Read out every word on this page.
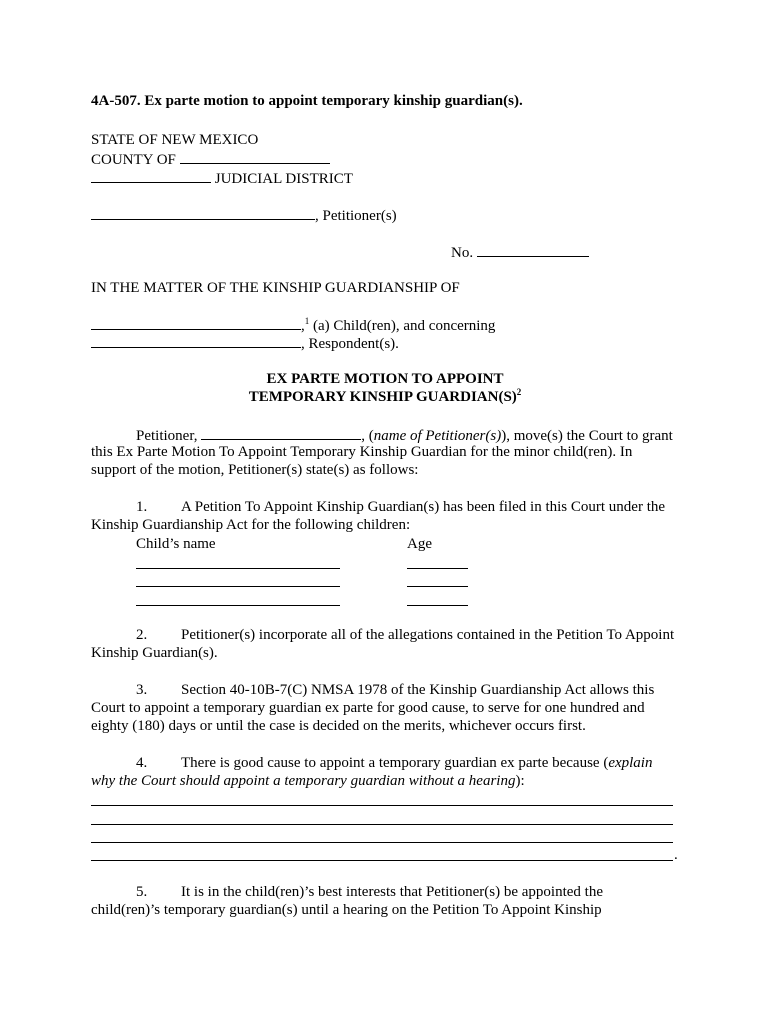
4A-507. Ex parte motion to appoint temporary kinship guardian(s).
STATE OF NEW MEXICO
COUNTY OF
JUDICIAL DISTRICT
, Petitioner(s)
No.
IN THE MATTER OF THE KINSHIP GUARDIANSHIP OF
,$^1$ (a) Child(ren), and concerning
, Respondent(s).
EX PARTE MOTION TO APPOINT
TEMPORARY KINSHIP $GUARDIAN(S)^2$
Petitioner,	, (name of Petitioner(s)), move(s) the Court to grant
this Ex Parte Motion To Appoint Temporary Kinship Guardian for the minor child(ren). In
support of the motion, Petitioner(s) state(s) as follows:
1. A Petition To Appoint Kinship Guardian(s) has been filed in this Court under the
Kinship Guardianship Act for the following children:
Child’s name	Age
2. Petitioner(s) incorporate all of the allegations contained in the Petition To Appoint
Kinship Guardian(s).
3. Section 40-10B-7(C) NMSA 1978 of the Kinship Guardianship Act allows this
Court to appoint a temporary guardian ex parte for good cause, to serve for one hundred and
eighty (180) days or until the case is decided on the merits, whichever occurs first.
4. There is good cause to appoint a temporary guardian ex parte because (explain
why the Court should appoint a temporary guardian without a hearing):
.
5. It is in the child(ren)’s best interests that Petitioner(s) be appointed the
child(ren)’s temporary guardian(s) until a hearing on the Petition To Appoint Kinship
